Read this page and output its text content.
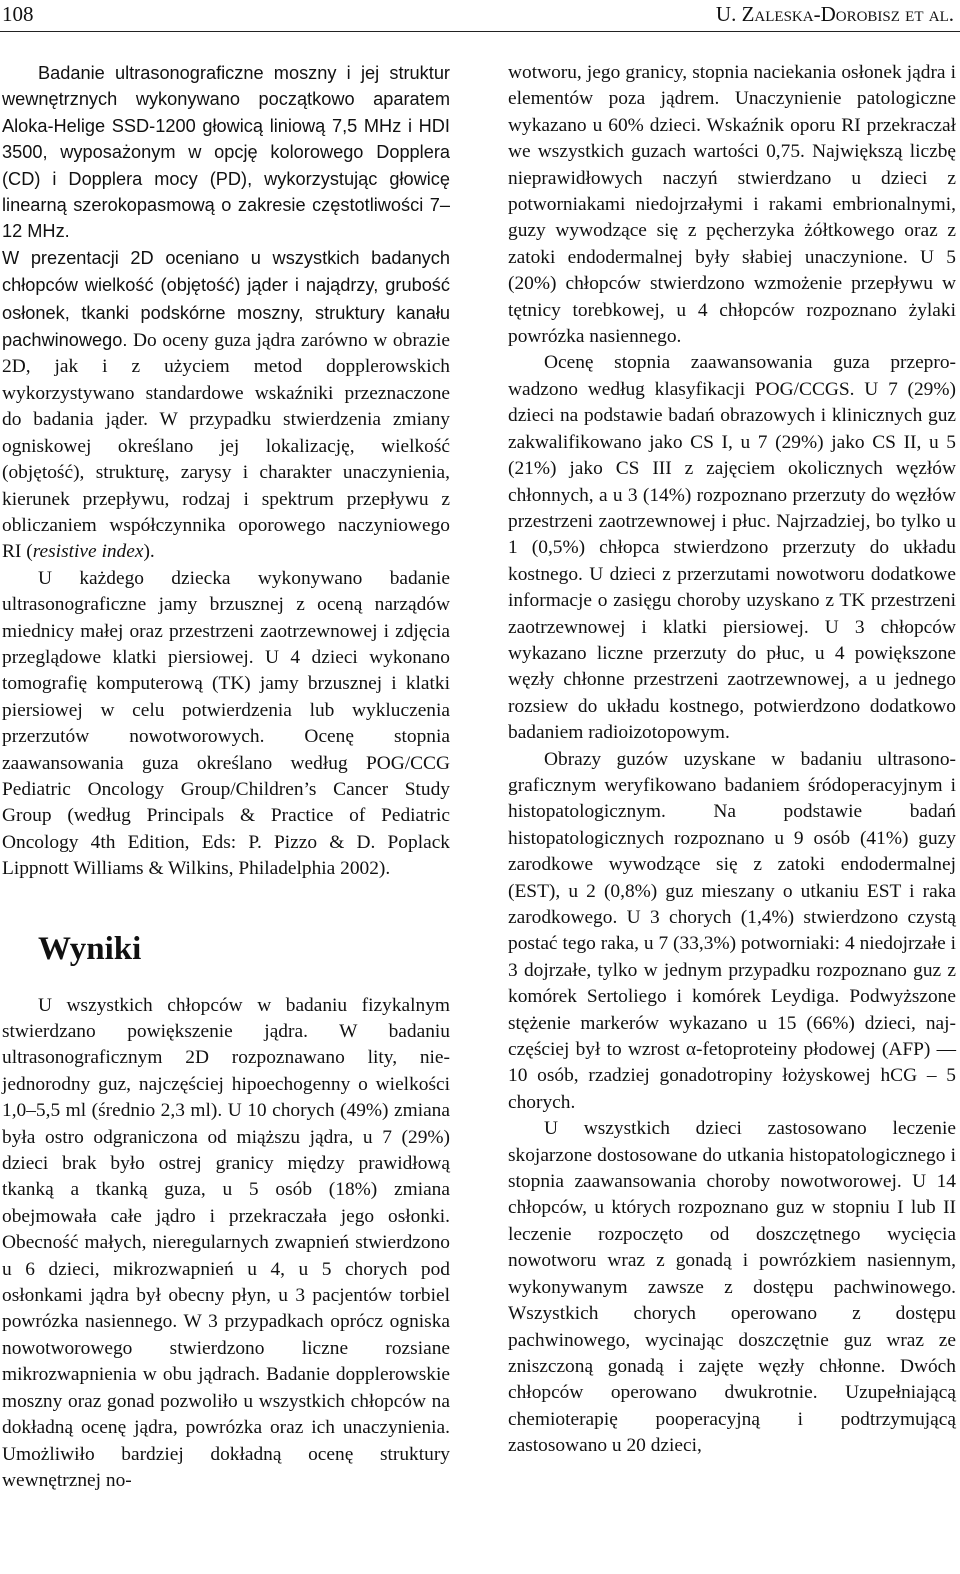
108	U. Zaleska-Dorobisz et al.

Badanie ultrasonograficzne moszny i jej struktur wewnętrznych wykonywano początkowo aparatem Aloka-Helige SSD-1200 głowicą liniową 7,5 MHz i HDI 3500, wyposażonym w opcję kolorowego Dopplera (CD) i Dopplera mocy (PD), wykorzystując głowicę linearną szerokopasmową o zakresie częstotliwości 7–12 MHz.

W prezentacji 2D oceniano u wszystkich badanych chłopców wielkość (objętość) jąder i najądrzy, grubość osłonek, tkanki podskórne moszny, struktury kanału pachwinowego.

Do oceny guza jądra zarówno w obrazie 2D, jak i z użyciem metod dopplerowskich wykorzystywano standardowe wskaźniki przeznaczone do badania jąder. W przypadku stwierdzenia zmiany ogniskowej określano jej lokalizację, wielkość (objętość), strukturę, zarysy i charakter unaczynienia, kierunek przepływu, rodzaj i spektrum przepływu z obliczaniem współczynnika oporowego naczyniowego RI (resistive index).

U każdego dziecka wykonywano badanie ultrasonograficzne jamy brzusznej z oceną narządów miednicy małej oraz przestrzeni zaotrzewnowej i zdjęcia przeglądowe klatki piersiowej. U 4 dzieci wykonano tomografię komputerową (TK) jamy brzusznej i klatki piersiowej w celu potwierdzenia lub wykluczenia przerzutów nowotworowych. Ocenę stopnia zaawansowania guza określano według POG/CCG Pediatric Oncology Group/Children’s Cancer Study Group (według Principals & Practice of Pediatric Oncology 4th Edition, Eds: P. Pizzo & D. Poplack Lippnott Williams & Wilkins, Philadelphia 2002).

Wyniki

U wszystkich chłopców w badaniu fizykalnym stwierdzano powiększenie jądra. W badaniu ultrasonograficznym 2D rozpoznawano lity, niejednorodny guz, najczęściej hipoechogenny o wielkości 1,0–5,5 ml (średnio 2,3 ml). U 10 chorych (49%) zmiana była ostro odgraniczona od miąższu jądra, u 7 (29%) dzieci brak było ostrej granicy między prawidłową tkanką a tkanką guza, u 5 osób (18%) zmiana obejmowała całe jądro i przekraczała jego osłonki. Obecność małych, nieregularnych zwapnień stwierdzono u 6 dzieci, mikrozwapnień u 4, u 5 chorych pod osłonkami jądra był obecny płyn, u 3 pacjentów torbiel powrózka nasiennego. W 3 przypadkach oprócz ogniska nowotworowego stwierdzono liczne rozsiane mikrozwapnienia w obu jądrach. Badanie dopplerowskie moszny oraz gonad pozwoliło u wszystkich chłopców na dokładną ocenę jądra, powrózka oraz ich unaczynienia. Umożliwiło bardziej dokładną ocenę struktury wewnętrznej no-

wotworu, jego granicy, stopnia naciekania osłonek jądra i elementów poza jądrem. Unaczynienie patologiczne wykazano u 60% dzieci. Wskaźnik oporu RI przekraczał we wszystkich guzach wartości 0,75. Największą liczbę nieprawidłowych naczyń stwierdzano u dzieci z potworniakami niedojrzałymi i rakami embrionalnymi, guzy wywodzące się z pęcherzyka żółtkowego oraz z zatoki endodermalnej były słabiej unaczynione. U 5 (20%) chłopców stwierdzono wzmożenie przepływu w tętnicy torebkowej, u 4 chłopców rozpoznano żylaki powrózka nasiennego.

Ocenę stopnia zaawansowania guza przeprowadzono według klasyfikacji POG/CCGS. U 7 (29%) dzieci na podstawie badań obrazowych i klinicznych guz zakwalifikowano jako CS I, u 7 (29%) jako CS II, u 5 (21%) jako CS III z zajęciem okolicznych węzłów chłonnych, a u 3 (14%) rozpoznano przerzuty do węzłów przestrzeni zaotrzewnowej i płuc. Najrzadziej, bo tylko u 1 (0,5%) chłopca stwierdzono przerzuty do układu kostnego. U dzieci z przerzutami nowotworu dodatkowe informacje o zasięgu choroby uzyskano z TK przestrzeni zaotrzewnowej i klatki piersiowej. U 3 chłopców wykazano liczne przerzuty do płuc, u 4 powiększone węzły chłonne przestrzeni zaotrzewnowej, a u jednego rozsiew do układu kostnego, potwierdzono dodatkowo badaniem radioizotopowym.

Obrazy guzów uzyskane w badaniu ultrasonograficznym weryfikowano badaniem śródoperacyjnym i histopatologicznym. Na podstawie badań histopatologicznych rozpoznano u 9 osób (41%) guzy zarodkowe wywodzące się z zatoki endodermalnej (EST), u 2 (0,8%) guz mieszany o utkaniu EST i raka zarodkowego. U 3 chorych (1,4%) stwierdzono czystą postać tego raka, u 7 (33,3%) potworniaki: 4 niedojrzałe i 3 dojrzałe, tylko w jednym przypadku rozpoznano guz z komórek Sertoliego i komórek Leydiga. Podwyższone stężenie markerów wykazano u 15 (66%) dzieci, najczęściej był to wzrost α-fetoproteiny płodowej (AFP) — 10 osób, rzadziej gonadotropiny łożyskowej hCG – 5 chorych.

U wszystkich dzieci zastosowano leczenie skojarzone dostosowane do utkania histopatologicznego i stopnia zaawansowania choroby nowotworowej. U 14 chłopców, u których rozpoznano guz w stopniu I lub II leczenie rozpoczęto od doszczętnego wycięcia nowotworu wraz z gonadą i powrózkiem nasiennym, wykonywanym zawsze z dostępu pachwinowego. Wszystkich chorych operowano z dostępu pachwinowego, wycinając doszczętnie guz wraz ze zniszczoną gonadą i zajęte węzły chłonne. Dwóch chłopców operowano dwukrotnie. Uzupełniającą chemioterapię pooperacyjną i podtrzymującą zastosowano u 20 dzieci,
